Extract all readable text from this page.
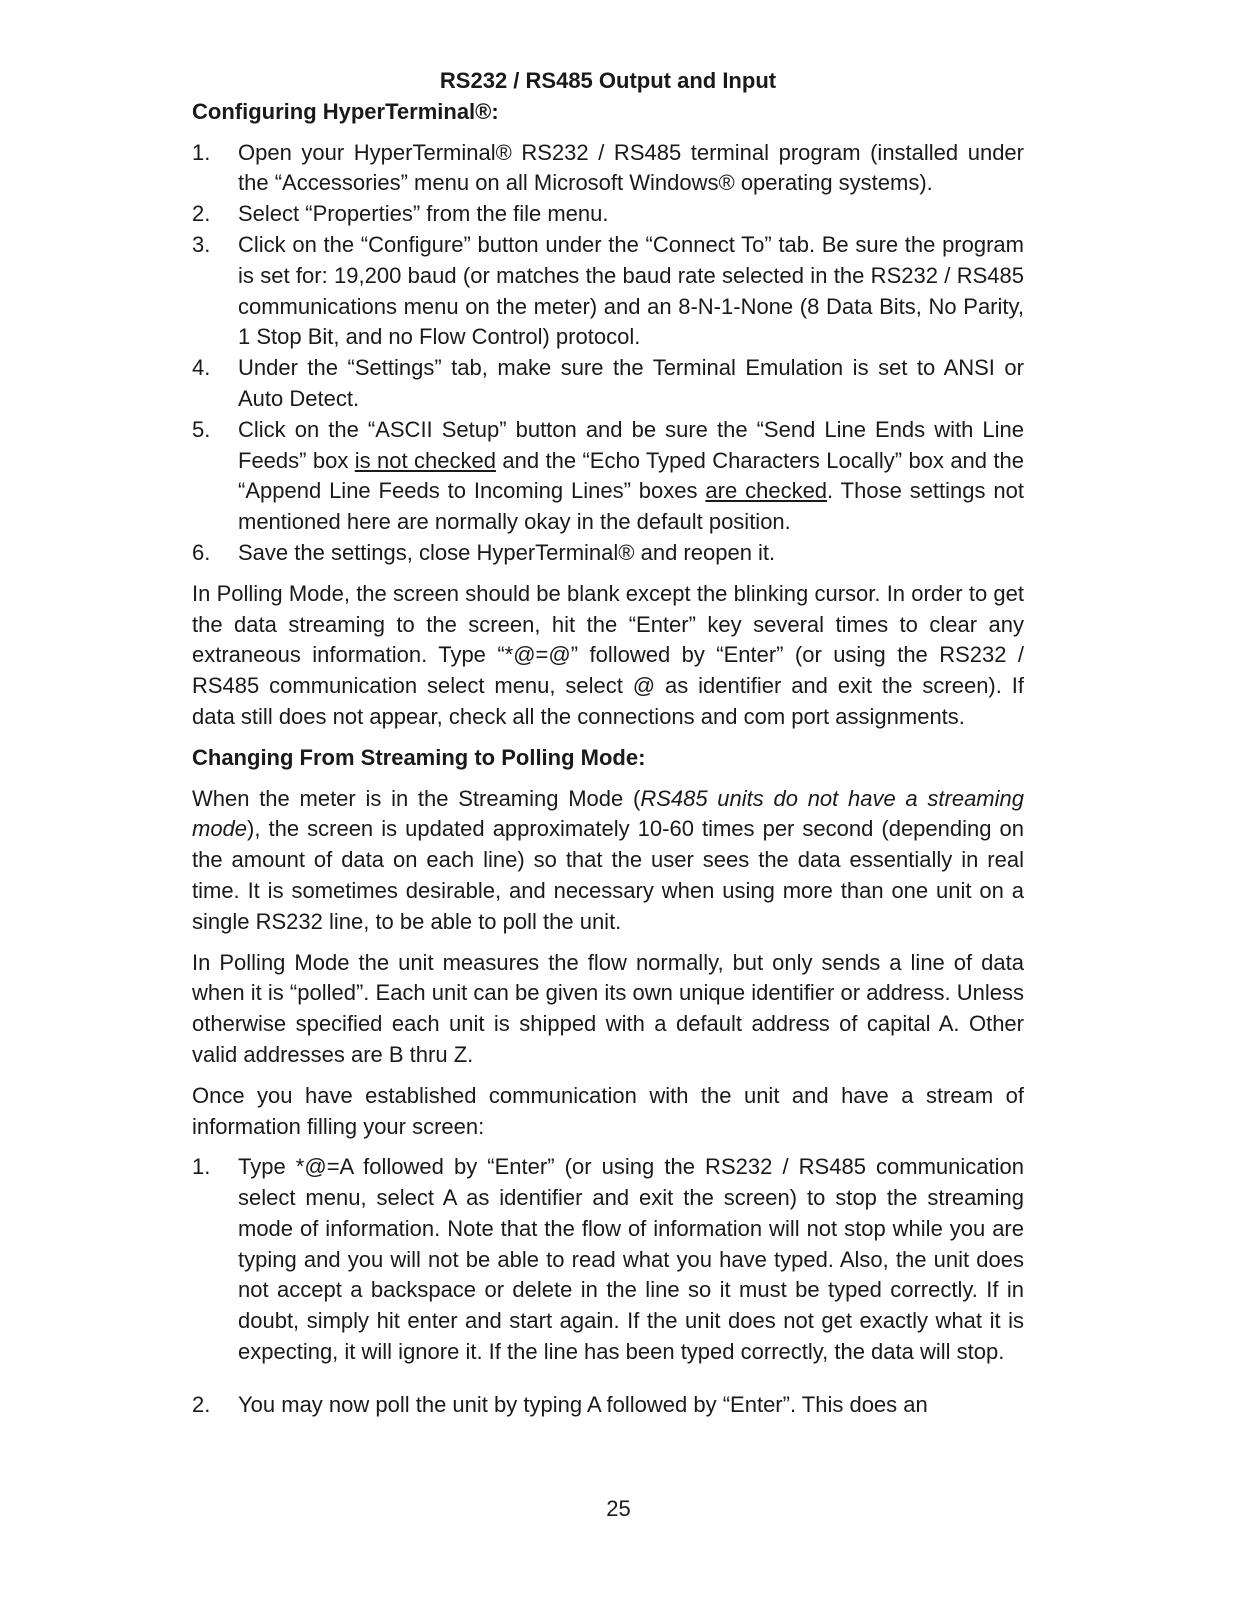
RS232 / RS485 Output and Input

Configuring HyperTerminal®:

1.	Open your HyperTerminal® RS232 / RS485 terminal program (installed under the “Accessories” menu on all Microsoft Windows® operating systems).
2.	Select “Properties” from the file menu.
3.	Click on the “Configure” button under the “Connect To” tab. Be sure the program is set for: 19,200 baud (or matches the baud rate selected in the RS232 / RS485 communications menu on the meter) and an 8-N-1-None (8 Data Bits, No Parity, 1 Stop Bit, and no Flow Control) protocol.
4.	Under the “Settings” tab, make sure the Terminal Emulation is set to ANSI or Auto Detect.
5.	Click on the “ASCII Setup” button and be sure the “Send Line Ends with Line Feeds” box is not checked and the “Echo Typed Characters Locally” box and the “Append Line Feeds to Incoming Lines” boxes are checked. Those settings not mentioned here are normally okay in the default position.
6.	Save the settings, close HyperTerminal® and reopen it.

In Polling Mode, the screen should be blank except the blinking cursor. In order to get the data streaming to the screen, hit the “Enter” key several times to clear any extraneous information. Type “*@=@” followed by “Enter” (or using the RS232 / RS485 communication select menu, select @ as identifier and exit the screen). If data still does not appear, check all the connections and com port assignments.

Changing From Streaming to Polling Mode:

When the meter is in the Streaming Mode (RS485 units do not have a streaming mode), the screen is updated approximately 10-60 times per second (depending on the amount of data on each line) so that the user sees the data essentially in real time. It is sometimes desirable, and necessary when using more than one unit on a single RS232 line, to be able to poll the unit.

In Polling Mode the unit measures the flow normally, but only sends a line of data when it is “polled”. Each unit can be given its own unique identifier or address. Unless otherwise specified each unit is shipped with a default address of capital A. Other valid addresses are B thru Z.

Once you have established communication with the unit and have a stream of information filling your screen:

1.	Type *@=A followed by “Enter” (or using the RS232 / RS485 communication select menu, select A as identifier and exit the screen) to stop the streaming mode of information. Note that the flow of information will not stop while you are typing and you will not be able to read what you have typed. Also, the unit does not accept a backspace or delete in the line so it must be typed correctly. If in doubt, simply hit enter and start again. If the unit does not get exactly what it is expecting, it will ignore it. If the line has been typed correctly, the data will stop.
2.	You may now poll the unit by typing A followed by “Enter”. This does an
25
